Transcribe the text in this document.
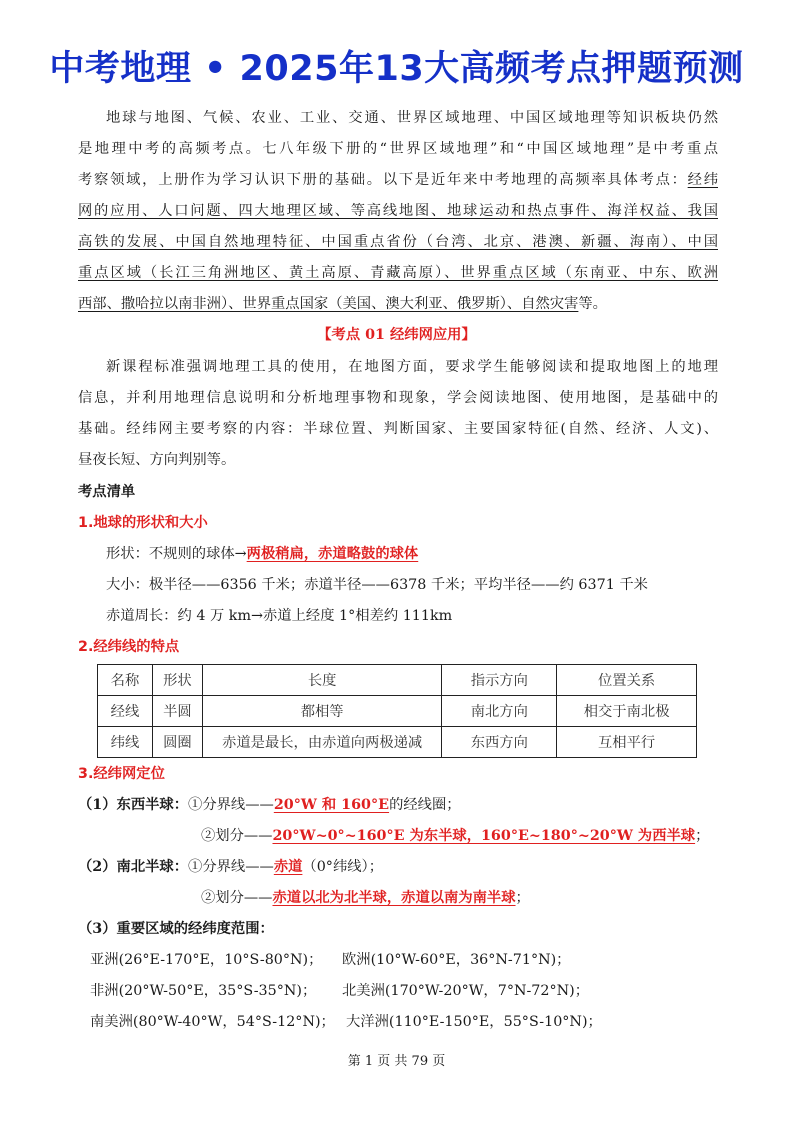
中考地理 • 2025年13大高频考点押题预测
地球与地图、气候、农业、工业、交通、世界区域地理、中国区域地理等知识板块仍然
是地理中考的高频考点。七八年级下册的“世界区域地理”和“中国区域地理”是中考重点
考察领域，上册作为学习认识下册的基础。以下是近年来中考地理的高频率具体考点：经纬
网的应用、人口问题、四大地理区域、等高线地图、地球运动和热点事件、海洋权益、我国
高铁的发展、中国自然地理特征、中国重点省份（台湾、北京、港澳、新疆、海南）、中国
重点区域（长江三角洲地区、黄土高原、青藏高原）、世界重点区域（东南亚、中东、欧洲
西部、撒哈拉以南非洲）、世界重点国家（美国、澳大利亚、俄罗斯）、自然灾害等。
【考点 01 经纬网应用】
新课程标准强调地理工具的使用，在地图方面，要求学生能够阅读和提取地图上的地理
信息，并利用地理信息说明和分析地理事物和现象，学会阅读地图、使用地图，是基础中的
基础。经纬网主要考察的内容：半球位置、判断国家、主要国家特征(自然、经济、人文)、
昼夜长短、方向判别等。
考点清单
1.地球的形状和大小
形状：不规则的球体→两极稍扁，赤道略鼓的球体
大小：极半径——6356 千米；赤道半径——6378 千米；平均半径——约 6371 千米
赤道周长：约 4 万 km→赤道上经度 1°相差约 111km
2.经纬线的特点
名称	形状	长度	指示方向	位置关系
经线	半圆	都相等	南北方向	相交于南北极
纬线	圆圈	赤道是最长，由赤道向两极递减	东西方向	互相平行
3.经纬网定位
（1）东西半球：①分界线——20°W 和 160°E的经线圈；
②划分——20°W~0°~160°E 为东半球，160°E~180°~20°W 为西半球；
（2）南北半球：①分界线——赤道（0°纬线）；
②划分——赤道以北为北半球，赤道以南为南半球；
（3）重要区域的经纬度范围：
亚洲(26°E-170°E，10°S-80°N)；	欧洲(10°W-60°E，36°N-71°N)；
非洲(20°W-50°E，35°S-35°N)；	北美洲(170°W-20°W，7°N-72°N)；
南美洲(80°W-40°W，54°S-12°N)； 大洋洲(110°E-150°E，55°S-10°N)；
第 1 页 共 79 页
